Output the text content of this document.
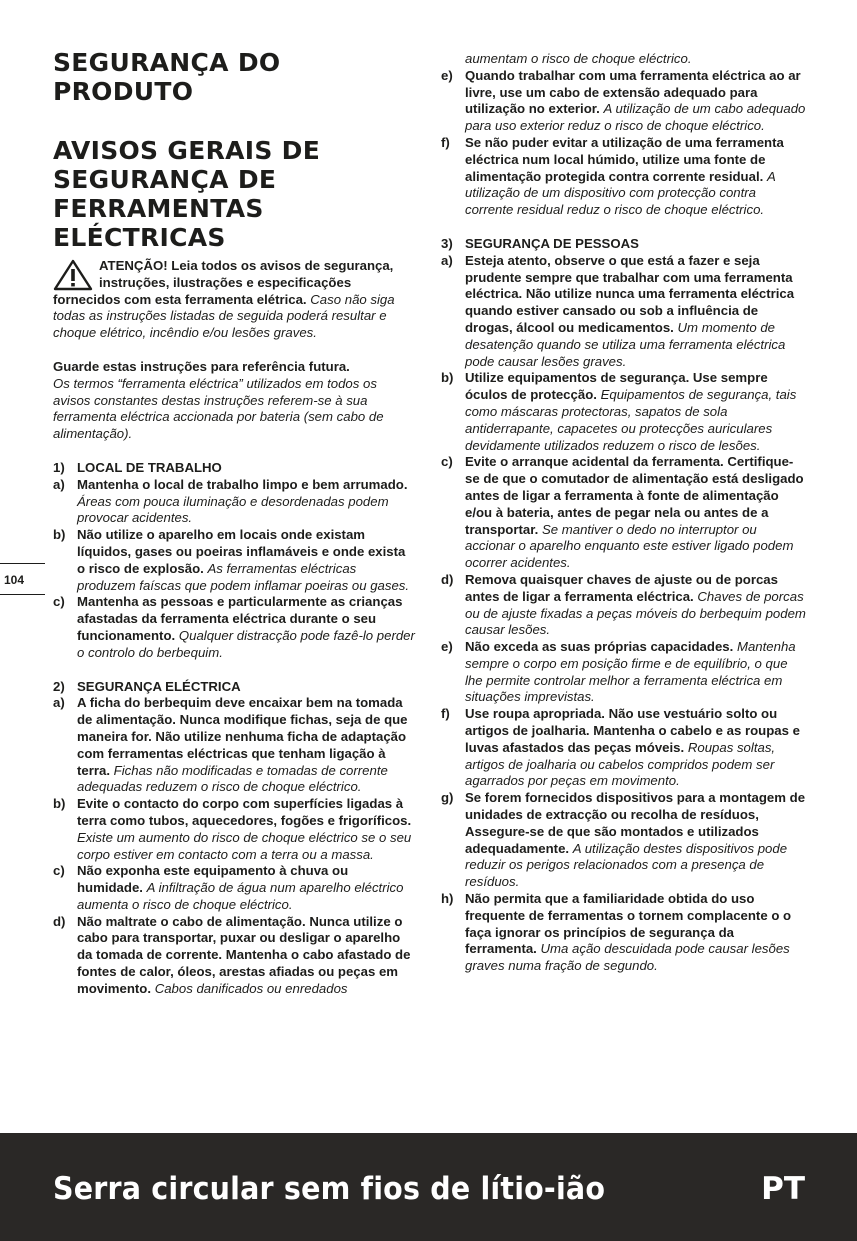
104
SEGURANÇA DO PRODUTO
AVISOS GERAIS DE SEGURANÇA DE FERRAMENTAS ELÉCTRICAS

ATENÇÃO! Leia todos os avisos de segurança, instruções, ilustrações e especificações fornecidos com esta ferramenta elétrica. Caso não siga todas as instruções listadas de seguida poderá resultar e choque elétrico, incêndio e/ou lesões graves.

Guarde estas instruções para referência futura.
Os termos “ferramenta eléctrica” utilizados em todos os avisos constantes destas instruções referem-se à sua ferramenta eléctrica accionada por bateria (sem cabo de alimentação).

1) LOCAL DE TRABALHO
a) Mantenha o local de trabalho limpo e bem arrumado. Áreas com pouca iluminação e desordenadas podem provocar acidentes.

b) Não utilize o aparelho em locais onde existam líquidos, gases ou poeiras inflamáveis e onde exista o risco de explosão. As ferramentas eléctricas produzem faíscas que podem inflamar poeiras ou gases.

c) Mantenha as pessoas e particularmente as crianças afastadas da ferramenta eléctrica durante o seu funcionamento. Qualquer distracção pode fazê-lo perder o controlo do berbequim.

2) SEGURANÇA ELÉCTRICA
a) A ficha do berbequim deve encaixar bem na tomada de alimentação. Nunca modifique fichas, seja de que maneira for. Não utilize nenhuma ficha de adaptação com ferramentas eléctricas que tenham ligação à terra. Fichas não modificadas e tomadas de corrente adequadas reduzem o risco de choque eléctrico.

b) Evite o contacto do corpo com superfícies ligadas à terra como tubos, aquecedores, fogões e frigoríficos. Existe um aumento do risco de choque eléctrico se o seu corpo estiver em contacto com a terra ou a massa.

c) Não exponha este equipamento à chuva ou humidade. A infiltração de água num aparelho eléctrico aumenta o risco de choque eléctrico.

d) Não maltrate o cabo de alimentação. Nunca utilize o cabo para transportar, puxar ou desligar o aparelho da tomada de corrente. Mantenha o cabo afastado de fontes de calor, óleos, arestas afiadas ou peças em movimento. Cabos danificados ou enredados

aumentam o risco de choque eléctrico.

e) Quando trabalhar com uma ferramenta eléctrica ao ar livre, use um cabo de extensão adequado para utilização no exterior. A utilização de um cabo adequado para uso exterior reduz o risco de choque eléctrico.

f)	Se não puder evitar a utilização de uma ferramenta eléctrica num local húmido, utilize uma fonte de alimentação protegida contra corrente residual. A utilização de um dispositivo com protecção contra corrente residual reduz o risco de choque eléctrico.

3) SEGURANÇA DE PESSOAS
a) Esteja atento, observe o que está a fazer e seja prudente sempre que trabalhar com uma ferramenta eléctrica. Não utilize nunca uma ferramenta eléctrica quando estiver cansado ou sob a influência de drogas, álcool ou medicamentos. Um momento de desatenção quando se utiliza uma ferramenta eléctrica pode causar lesões graves.

b) Utilize equipamentos de segurança. Use sempre óculos de protecção. Equipamentos de segurança, tais como máscaras protectoras, sapatos de sola antiderrapante, capacetes ou protecções auriculares devidamente utilizados reduzem o risco de lesões.

c) Evite o arranque acidental da ferramenta. Certifique-se de que o comutador de alimentação está desligado antes de ligar a ferramenta à fonte de alimentação e/ou à bateria, antes de pegar nela ou antes de a transportar. Se mantiver o dedo no interruptor ou accionar o aparelho enquanto este estiver ligado podem ocorrer acidentes.

d) Remova quaisquer chaves de ajuste ou de porcas antes de ligar a ferramenta eléctrica. Chaves de porcas ou de ajuste fixadas a peças móveis do berbequim podem causar lesões.

e) Não exceda as suas próprias capacidades. Mantenha sempre o corpo em posição firme e de equilíbrio, o que lhe permite controlar melhor a ferramenta eléctrica em situações imprevistas.

f)	Use roupa apropriada. Não use vestuário solto ou artigos de joalharia. Mantenha o cabelo e as roupas e luvas afastados das peças móveis. Roupas soltas, artigos de joalharia ou cabelos compridos podem ser agarrados por peças em movimento.

g) Se forem fornecidos dispositivos para a montagem de unidades de extracção ou recolha de resíduos, Assegure-se de que são montados e utilizados adequadamente. A utilização destes dispositivos pode reduzir os perigos relacionados com a presença de resíduos.

h) Não permita que a familiaridade obtida do uso frequente de ferramentas o tornem complacente o o faça ignorar os princípios de segurança da ferramenta. Uma ação descuidada pode causar lesões graves numa fração de segundo.

Serra circular sem fios de lítio-ião	PT
